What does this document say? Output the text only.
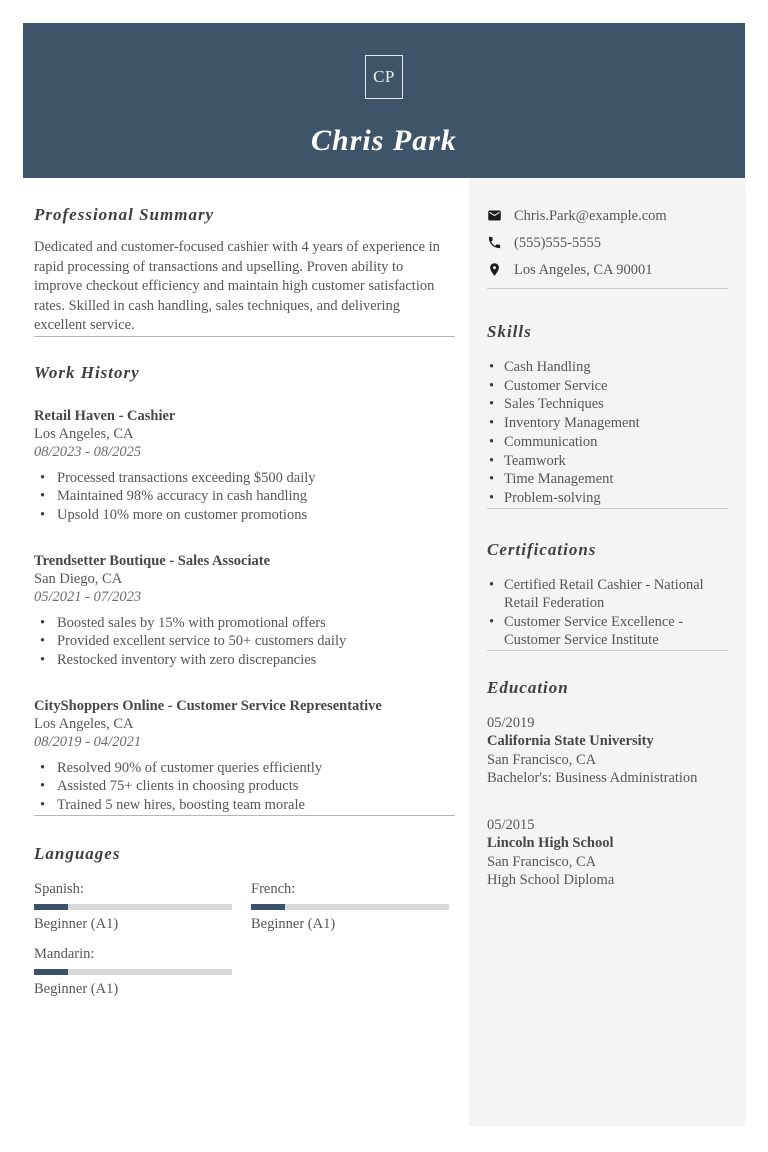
CP
Chris Park
Chris.Park@example.com
(555)555-5555
Los Angeles, CA 90001
Skills
• Cash Handling
• Customer Service
• Sales Techniques
• Inventory Management
• Communication
• Teamwork
• Time Management
• Problem-solving
Certifications
• Certified Retail Cashier - National Retail Federation
• Customer Service Excellence - Customer Service Institute
Education
05/2019
California State University
San Francisco, CA
Bachelor's: Business Administration
05/2015
Lincoln High School
San Francisco, CA
High School Diploma
Professional Summary

Dedicated and customer-focused cashier with 4 years of experience in rapid processing of transactions and upselling. Proven ability to improve checkout efficiency and maintain high customer satisfaction rates. Skilled in cash handling, sales techniques, and delivering excellent service.

Work History
Retail Haven - Cashier
Los Angeles, CA
08/2023 - 08/2025
• Processed transactions exceeding $500 daily
• Maintained 98% accuracy in cash handling
• Upsold 10% more on customer promotions
Trendsetter Boutique - Sales Associate
San Diego, CA
05/2021 - 07/2023
• Boosted sales by 15% with promotional offers
• Provided excellent service to 50+ customers daily
• Restocked inventory with zero discrepancies
CityShoppers Online - Customer Service Representative
Los Angeles, CA
08/2019 - 04/2021
• Resolved 90% of customer queries efficiently
• Assisted 75+ clients in choosing products
• Trained 5 new hires, boosting team morale
Languages
Spanish:
Beginner (A1)
French:
Beginner (A1)
Mandarin:
Beginner (A1)
